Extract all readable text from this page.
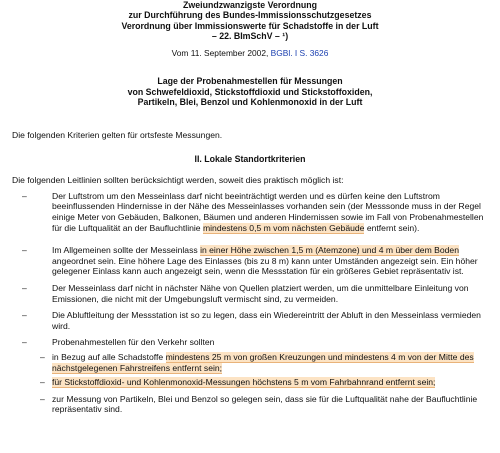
Zweiundzwanzigste Verordnung
zur Durchführung des Bundes-Immissionsschutzgesetzes
Verordnung über Immissionswerte für Schadstoffe in der Luft
– 22. BImSchV – ¹)
Vom 11. September 2002, BGBl. I S. 3626
Lage der Probenahmestellen für Messungen
von Schwefeldioxid, Stickstoffdioxid und Stickstoffoxiden,
Partikeln, Blei, Benzol und Kohlenmonoxid in der Luft
Die folgenden Kriterien gelten für ortsfeste Messungen.
II. Lokale Standortkriterien
Die folgenden Leitlinien sollten berücksichtigt werden, soweit dies praktisch möglich ist:
–	Der Luftstrom um den Messeinlass darf nicht beeinträchtigt werden und es dürfen keine den Luftstrom beeinflussenden Hindernisse in der Nähe des Messeinlasses vorhanden sein (der Messsonde muss in der Regel einige Meter von Gebäuden, Balkonen, Bäumen und anderen Hindernissen sowie im Fall von Probenahmestellen für die Luftqualität an der Baufluchtlinie mindestens 0,5 m vom nächsten Gebäude entfernt sein).
–	Im Allgemeinen sollte der Messeinlass in einer Höhe zwischen 1,5 m (Atemzone) und 4 m über dem Boden angeordnet sein. Eine höhere Lage des Einlasses (bis zu 8 m) kann unter Umständen angezeigt sein. Ein höher gelegener Einlass kann auch angezeigt sein, wenn die Messstation für ein größeres Gebiet repräsentativ ist.
–	Der Messeinlass darf nicht in nächster Nähe von Quellen platziert werden, um die unmittelbare Einleitung von Emissionen, die nicht mit der Umgebungsluft vermischt sind, zu vermeiden.
–	Die Abluftleitung der Messstation ist so zu legen, dass ein Wiedereintritt der Abluft in den Messeinlass vermieden wird.
–	Probenahmestellen für den Verkehr sollten
– in Bezug auf alle Schadstoffe mindestens 25 m von großen Kreuzungen und mindestens 4 m von der Mitte des nächstgelegenen Fahrstreifens entfernt sein;
– für Stickstoffdioxid- und Kohlenmonoxid-Messungen höchstens 5 m vom Fahrbahnrand entfernt sein;
– zur Messung von Partikeln, Blei und Benzol so gelegen sein, dass sie für die Luftqualität nahe der Baufluchtlinie repräsentativ sind.
